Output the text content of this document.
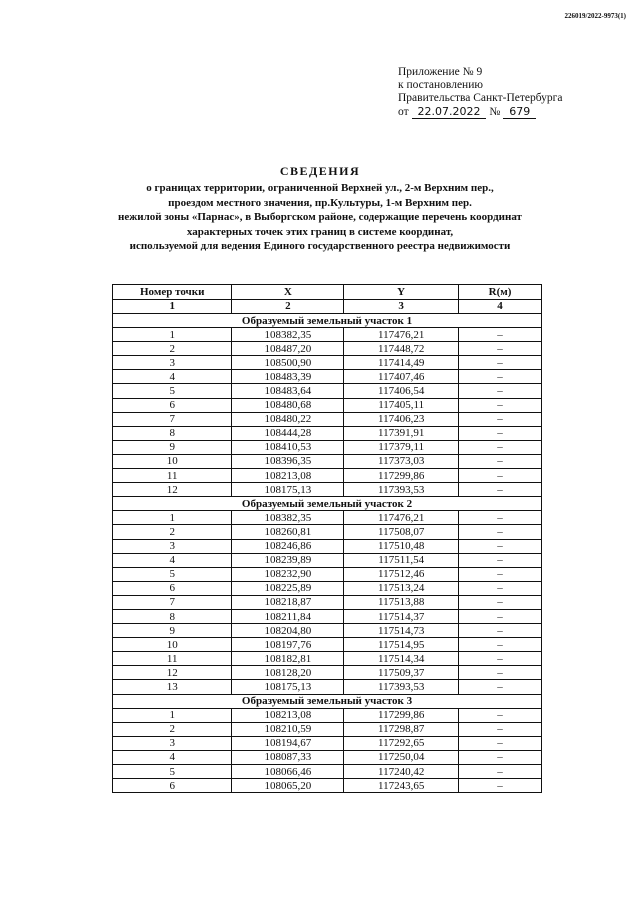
226019/2022-9973(1)
Приложение № 9
к постановлению
Правительства Санкт-Петербурга
от 22.07.2022 № 679
СВЕДЕНИЯ
о границах территории, ограниченной Верхней ул., 2-м Верхним пер.,
проездом местного значения, пр.Культуры, 1-м Верхним пер.
нежилой зоны «Парнас», в Выборгском районе, содержащие перечень координат
характерных точек этих границ в системе координат,
используемой для ведения Единого государственного реестра недвижимости
Номер точки	X	Y	R(м)
1	2	3	4
Образуемый земельный участок 1			
1	108382,35	117476,21	–
2	108487,20	117448,72	–
3	108500,90	117414,49	–
4	108483,39	117407,46	–
5	108483,64	117406,54	–
6	108480,68	117405,11	–
7	108480,22	117406,23	–
8	108444,28	117391,91	–
9	108410,53	117379,11	–
10	108396,35	117373,03	–
11	108213,08	117299,86	–
12	108175,13	117393,53	–
Образуемый земельный участок 2			
1	108382,35	117476,21	–
2	108260,81	117508,07	–
3	108246,86	117510,48	–
4	108239,89	117511,54	–
5	108232,90	117512,46	–
6	108225,89	117513,24	–
7	108218,87	117513,88	–
8	108211,84	117514,37	–
9	108204,80	117514,73	–
10	108197,76	117514,95	–
11	108182,81	117514,34	–
12	108128,20	117509,37	–
13	108175,13	117393,53	–
Образуемый земельный участок 3			
1	108213,08	117299,86	–
2	108210,59	117298,87	–
3	108194,67	117292,65	–
4	108087,33	117250,04	–
5	108066,46	117240,42	–
6	108065,20	117243,65	–
